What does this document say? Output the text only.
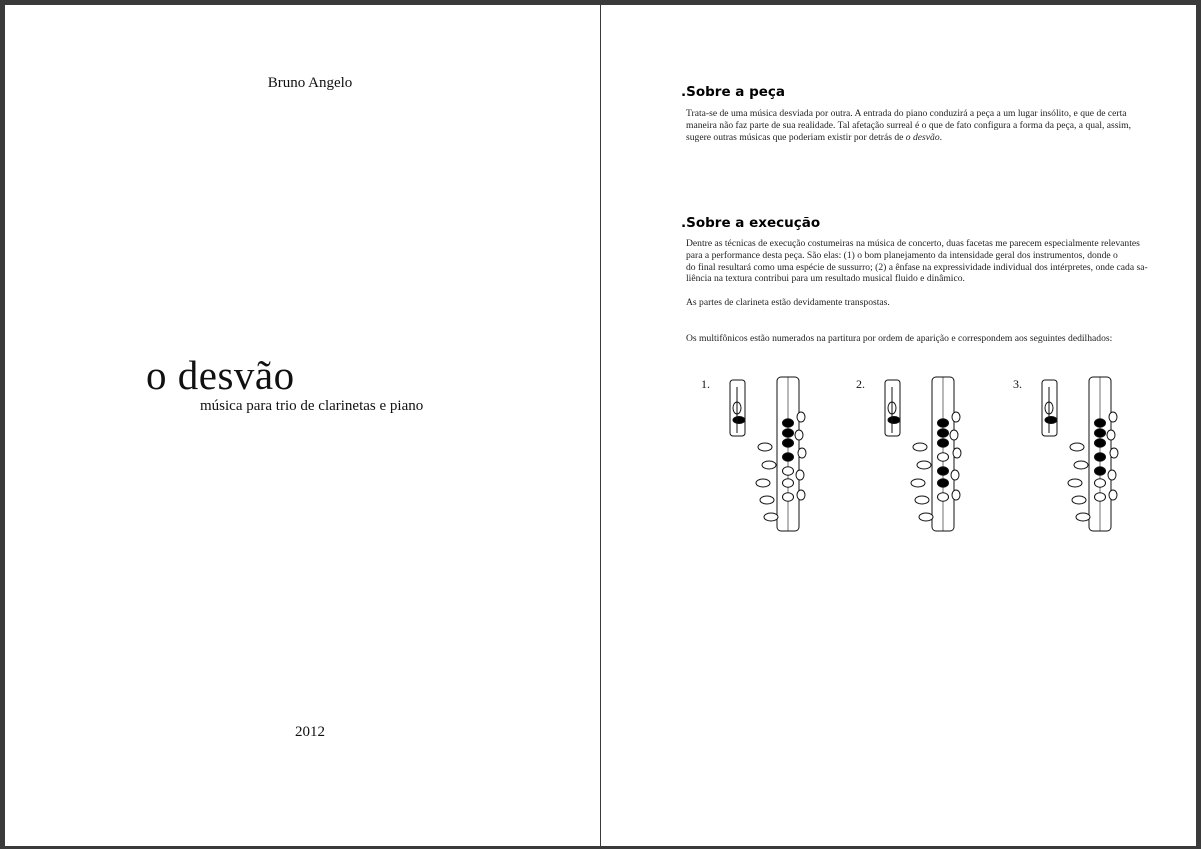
Bruno Angelo

o desvão

música para trio de clarinetas e piano

2012

.Sobre a peça

Trata-se de uma música desviada por outra. A entrada do piano conduzirá a peça a um lugar insólito, e que de certa
maneira não faz parte de sua realidade. Tal afetação surreal é o que de fato configura a forma da peça, a qual, assim,
sugere outras músicas que poderiam existir por detrás de o desvão.

.Sobre a execução

Dentre as técnicas de execução costumeiras na música de concerto, duas facetas me parecem especialmente relevantes
para a performance desta peça. São elas: (1) o bom planejamento da intensidade geral dos instrumentos, donde o
do final resultará como uma espécie de sussurro; (2) a ênfase na expressividade individual dos intérpretes, onde cada sa-
liência na textura contribui para um resultado musical fluido e dinâmico.

As partes de clarineta estão devidamente transpostas.

Os multifônicos estão numerados na partitura por ordem de aparição e correspondem aos seguintes dedilhados:

1.	2.	3.
